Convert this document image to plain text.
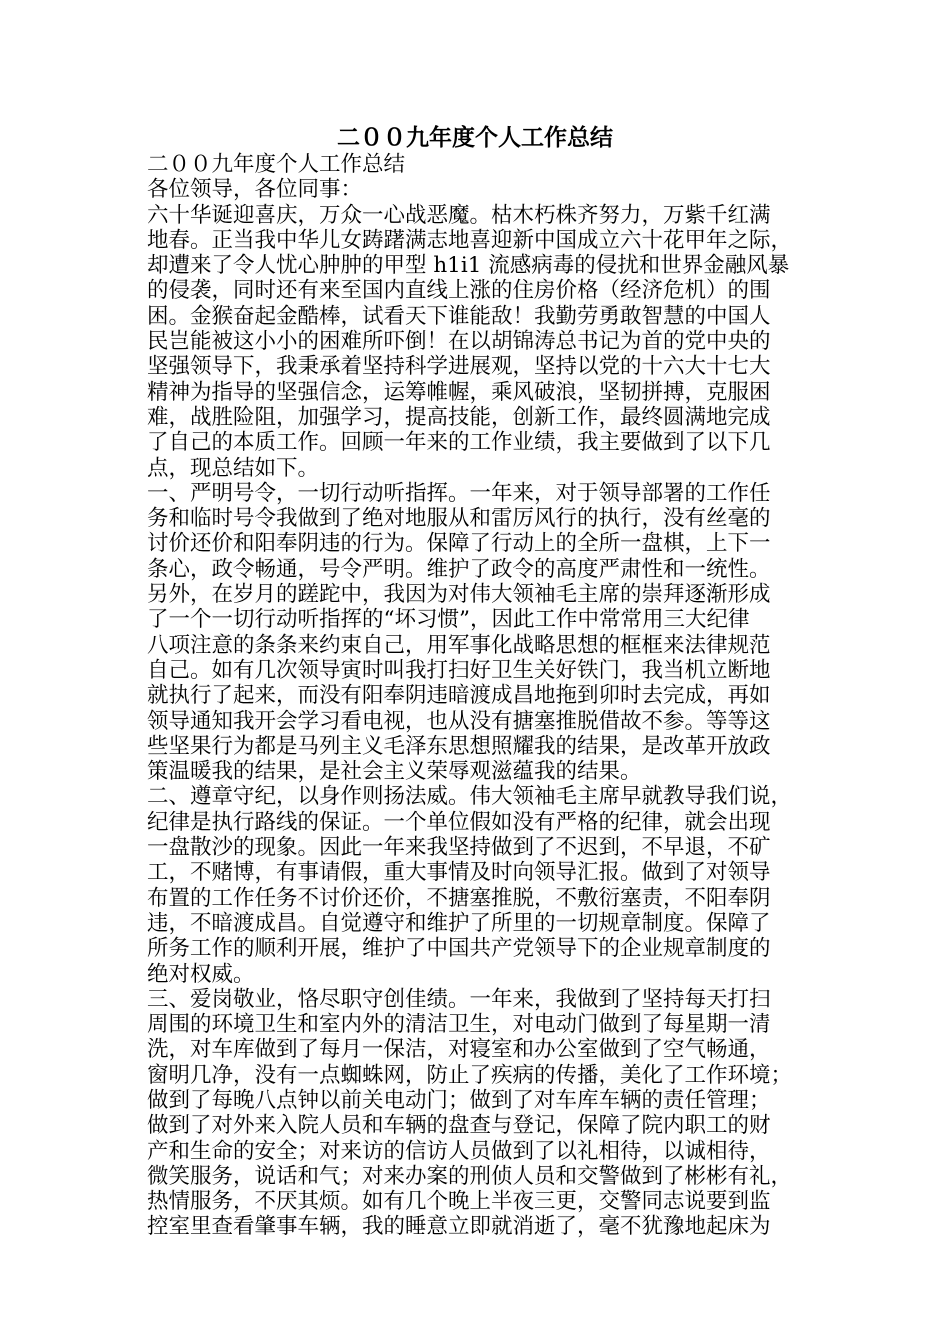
二００九年度个人工作总结
二００九年度个人工作总结
各位领导，各位同事：
六十华诞迎喜庆，万众一心战恶魔。枯木朽株齐努力，万紫千红满
地春。正当我中华儿女踌躇满志地喜迎新中国成立六十花甲年之际，
却遭来了令人忧心肿肿的甲型 h1i1 流感病毒的侵扰和世界金融风暴
的侵袭，同时还有来至国内直线上涨的住房价格（经济危机）的围
困。金猴奋起金酷棒，试看天下谁能敌！我勤劳勇敢智慧的中国人
民岂能被这小小的困难所吓倒！在以胡锦涛总书记为首的党中央的
坚强领导下，我秉承着坚持科学进展观，坚持以党的十六大十七大
精神为指导的坚强信念，运筹帷幄，乘风破浪，坚韧拼搏，克服困
难，战胜险阻，加强学习，提高技能，创新工作，最终圆满地完成
了自己的本质工作。回顾一年来的工作业绩，我主要做到了以下几
点，现总结如下。
一、严明号令，一切行动听指挥。一年来，对于领导部署的工作任
务和临时号令我做到了绝对地服从和雷厉风行的执行，没有丝毫的
讨价还价和阳奉阴违的行为。保障了行动上的全所一盘棋，上下一
条心，政令畅通，号令严明。维护了政令的高度严肃性和一统性。
另外，在岁月的蹉跎中，我因为对伟大领袖毛主席的崇拜逐渐形成
了一个一切行动听指挥的“坏习惯”，因此工作中常常用三大纪律
八项注意的条条来约束自己，用军事化战略思想的框框来法律规范
自己。如有几次领导寅时叫我打扫好卫生关好铁门，我当机立断地
就执行了起来，而没有阳奉阴违暗渡成昌地拖到卯时去完成，再如
领导通知我开会学习看电视，也从没有搪塞推脱借故不参。等等这
些坚果行为都是马列主义毛泽东思想照耀我的结果，是改革开放政
策温暖我的结果，是社会主义荣辱观滋蕴我的结果。
二、遵章守纪，以身作则扬法威。伟大领袖毛主席早就教导我们说，
纪律是执行路线的保证。一个单位假如没有严格的纪律，就会出现
一盘散沙的现象。因此一年来我坚持做到了不迟到，不早退，不矿
工，不赌博，有事请假，重大事情及时向领导汇报。做到了对领导
布置的工作任务不讨价还价，不搪塞推脱，不敷衍塞责，不阳奉阴
违，不暗渡成昌。自觉遵守和维护了所里的一切规章制度。保障了
所务工作的顺利开展，维护了中国共产党领导下的企业规章制度的
绝对权威。
三、爱岗敬业，恪尽职守创佳绩。一年来，我做到了坚持每天打扫
周围的环境卫生和室内外的清洁卫生，对电动门做到了每星期一清
洗，对车库做到了每月一保洁，对寝室和办公室做到了空气畅通，
窗明几净，没有一点蜘蛛网，防止了疾病的传播，美化了工作环境；
做到了每晚八点钟以前关电动门；做到了对车库车辆的责任管理；
做到了对外来入院人员和车辆的盘查与登记，保障了院内职工的财
产和生命的安全；对来访的信访人员做到了以礼相待，以诚相待，
微笑服务，说话和气；对来办案的刑侦人员和交警做到了彬彬有礼，
热情服务，不厌其烦。如有几个晚上半夜三更，交警同志说要到监
控室里查看肇事车辆，我的睡意立即就消逝了，毫不犹豫地起床为
